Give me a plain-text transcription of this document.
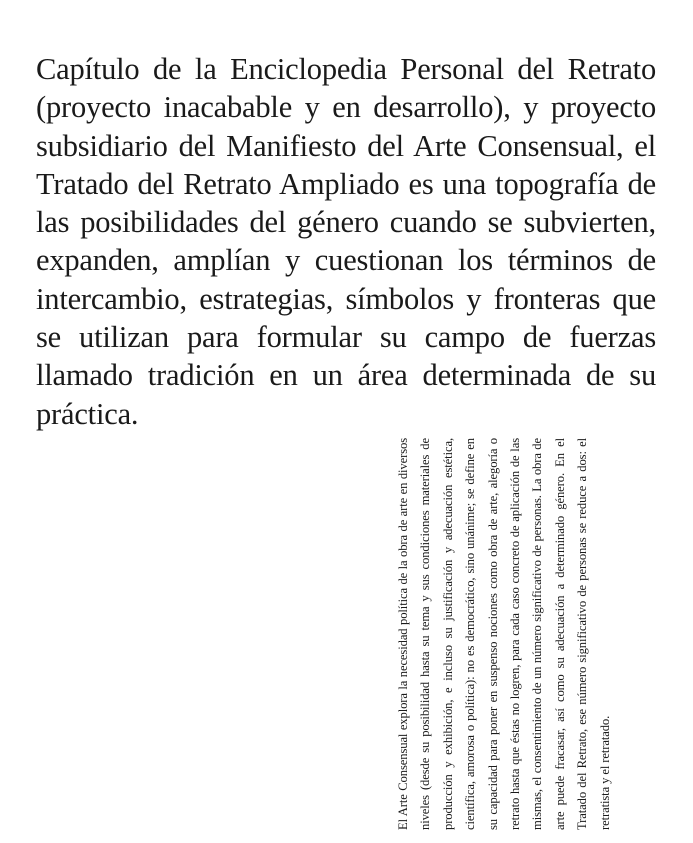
Capítulo de la Enciclopedia Personal del Retrato (proyecto inacabable y en desarrollo), y proyecto subsidiario del Manifiesto del Arte Consensual, el Tratado del Retrato Ampliado es una topografía de las posibilidades del género cuando se subvierten, expanden, amplían y cuestionan los términos de intercambio, estrategias, símbolos y fronteras que se utilizan para formular su campo de fuerzas llamado tradición en un área determinada de su práctica.

El Arte Consensual explora la necesidad política de la obra de arte en diversos niveles (desde su posibilidad hasta su tema y sus condiciones materiales de producción y exhibición, e incluso su justificación y adecuación estética, científica, amorosa o política): no es democrático, sino unánime; se define en su capacidad para poner en suspenso nociones como obra de arte, alegoría o retrato hasta que éstas no logren, para cada caso concreto de aplicación de las mismas, el consentimiento de un número significativo de personas. La obra de arte puede fracasar, así como su adecuación a determinado género. En el Tratado del Retrato, ese número significativo de personas se reduce a dos: el retratista y el retratado.
